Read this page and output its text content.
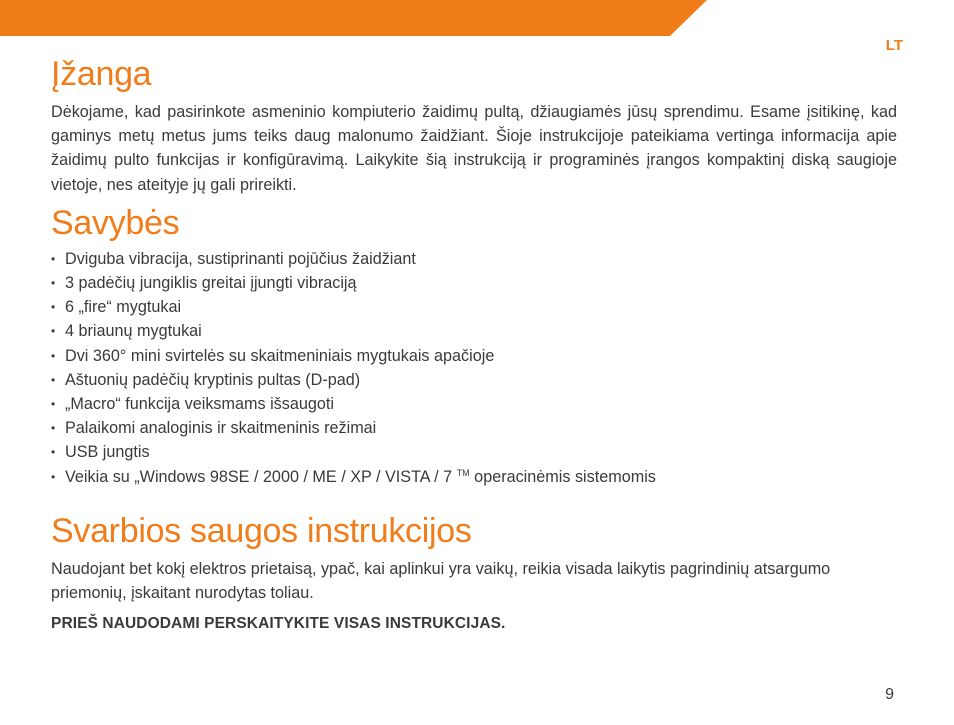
LT
Įžanga

Dėkojame, kad pasirinkote asmeninio kompiuterio žaidimų pultą, džiaugiamės jūsų sprendimu. Esame įsitikinę, kad gaminys metų metus jums teiks daug malonumo žaidžiant. Šioje instrukcijoje pateikiama vertinga informacija apie žaidimų pulto funkcijas ir konfigūravimą. Laikykite šią instrukciją ir programinės įrangos kompaktinį diską saugioje vietoje, nes ateityje jų gali prireikti.

Savybės
• Dviguba vibracija, sustiprinanti pojūčius žaidžiant
• 3 padėčių jungiklis greitai įjungti vibraciją
• 6 „fire“ mygtukai
• 4 briaunų mygtukai
• Dvi 360° mini svirtelės su skaitmeniniais mygtukais apačioje
• Aštuonių padėčių kryptinis pultas (D-pad)
• „Macro“ funkcija veiksmams išsaugoti
• Palaikomi analoginis ir skaitmeninis režimai
• USB jungtis
• Veikia su „Windows 98SE / 2000 / ME / XP / VISTA / 7 ™ operacinėmis sistemomis
Svarbios saugos instrukcijos

Naudojant bet kokį elektros prietaisą, ypač, kai aplinkui yra vaikų, reikia visada laikytis pagrindinių atsargumo priemonių, įskaitant nurodytas toliau.

PRIEŠ NAUDODAMI PERSKAITYKITE VISAS INSTRUKCIJAS.
9
